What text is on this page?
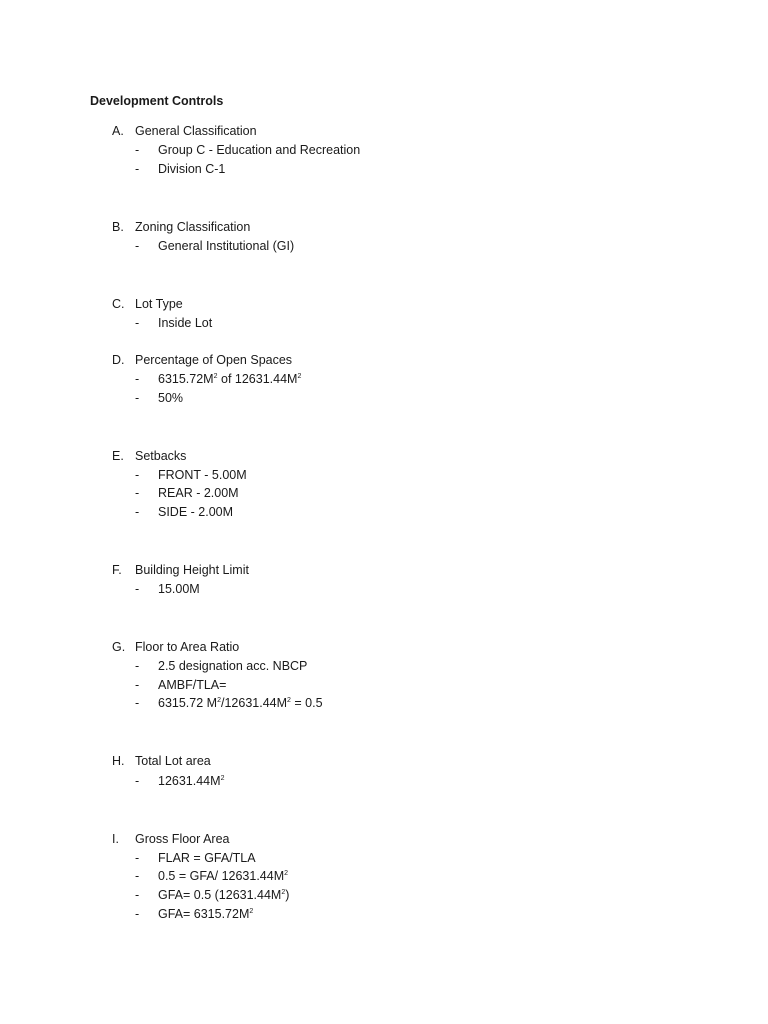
Development Controls
A. General Classification
- Group C - Education and Recreation
- Division C-1
B. Zoning Classification
- General Institutional (GI)
C. Lot Type
- Inside Lot
D. Percentage of Open Spaces
- $6315.72M^2$ of $12631.44M^2$
- 50%
E. Setbacks
- FRONT - 5.00M
- REAR - 2.00M
- SIDE - 2.00M
F. Building Height Limit
- 15.00M
G. Floor to Area Ratio
- 2.5 designation acc. NBCP
- AMBF/TLA=
- 6315.72 $M^2/12631.44M^2 = 0.5$
H. Total Lot area
- $12631.44M^2$
I. Gross Floor Area
- FLAR = GFA/TLA
- 0.5 = GFA/ $12631.44M^2$
- GFA= 0.5 $(12631.44M^2)$
- $GFA= 6315.72M^2$
